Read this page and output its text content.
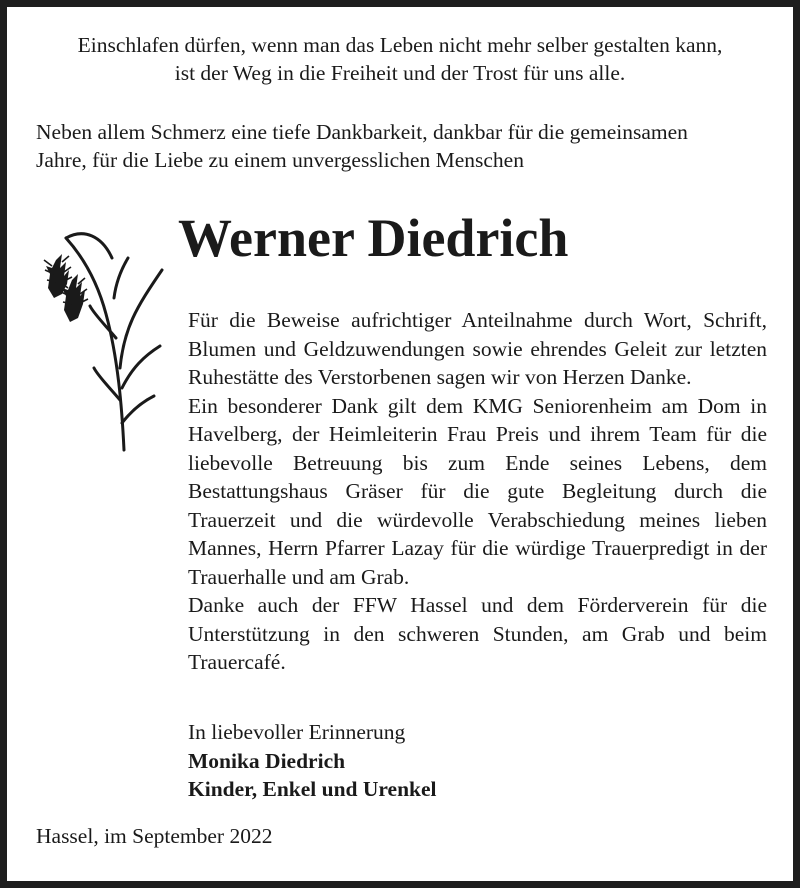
Einschlafen dürfen, wenn man das Leben nicht mehr selber gestalten kann,

ist der Weg in die Freiheit und der Trost für uns alle.

Neben allem Schmerz eine tiefe Dankbarkeit, dankbar für die gemeinsamen

Jahre, für die Liebe zu einem unvergesslichen Menschen

Werner Diedrich

Für die Beweise aufrichtiger Anteilnahme durch Wort, Schrift, Blumen und Geldzuwendungen sowie ehrendes Geleit zur letzten Ruhestätte des Verstorbenen sagen wir von Herzen Danke.

Ein besonderer Dank gilt dem KMG Seniorenheim am Dom in Havelberg, der Heimleiterin Frau Preis und ihrem Team für die liebevolle Betreuung bis zum Ende seines Lebens, dem Bestattungshaus Gräser für die gute Begleitung durch die Trauerzeit und die würdevolle Verabschiedung meines lieben Mannes, Herrn Pfarrer Lazay für die würdige Trauerpredigt in der Trauerhalle und am Grab.

Danke auch der FFW Hassel und dem Förderverein für die Unterstützung in den schweren Stunden, am Grab und beim Trauercafé.

In liebevoller Erinnerung

Monika Diedrich

Kinder, Enkel und Urenkel

Hassel, im September 2022
